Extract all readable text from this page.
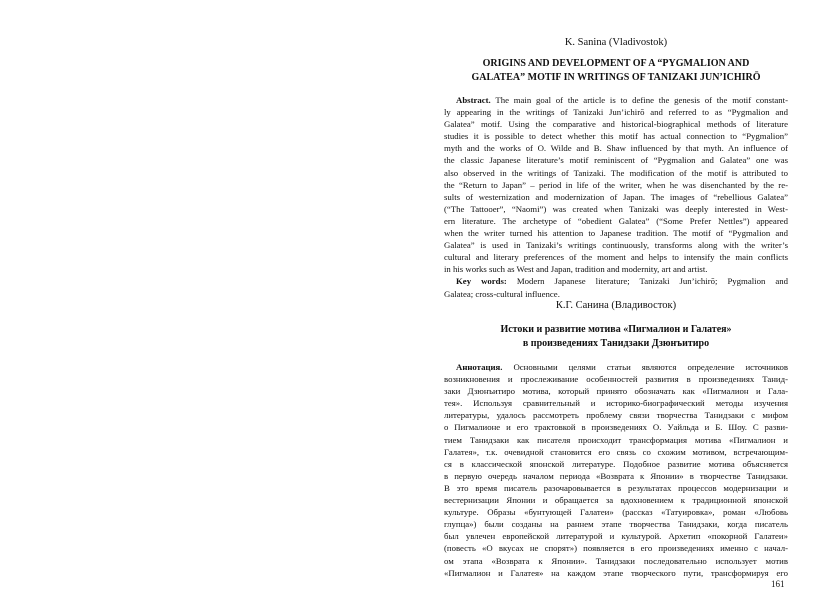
K. Sanina (Vladivostok)
ORIGINS AND DEVELOPMENT OF A “PYGMALION AND
GALATEA” MOTIF IN WRITINGS OF TANIZAKI JUN’ICHIRŌ
Abstract. The main goal of the article is to define the genesis of the motif constant-
ly appearing in the writings of Tanizaki Jun’ichirō and referred to as “Pygmalion and
Galatea” motif. Using the comparative and historical-biographical methods of literature
studies it is possible to detect whether this motif has actual connection to “Pygmalion”
myth and the works of O. Wilde and B. Shaw influenced by that myth. An influence of
the classic Japanese literature’s motif reminiscent of “Pygmalion and Galatea” one was
also observed in the writings of Tanizaki. The modification of the motif is attributed to
the “Return to Japan” – period in life of the writer, when he was disenchanted by the re-
sults of westernization and modernization of Japan. The images of “rebellious Galatea”
(“The Tattooer”, “Naomi”) was created when Tanizaki was deeply interested in West-
ern literature. The archetype of “obedient Galatea” (“Some Prefer Nettles”) appeared
when the writer turned his attention to Japanese tradition. The motif of “Pygmalion and
Galatea” is used in Tanizaki’s writings continuously, transforms along with the writer’s
cultural and literary preferences of the moment and helps to intensify the main conflicts
in his works such as West and Japan, tradition and modernity, art and artist.
Key words: Modern Japanese literature; Tanizaki Jun’ichirō; Pygmalion and
Galatea; cross-cultural influence.
К.Г. Санина (Владивосток)
Истоки и развитие мотива «Пигмалион и Галатея»
в произведениях Танидзаки Дзюнъитиро
Аннотация. Основными целями статьи являются определение источников
возникновения и прослеживание особенностей развития в произведениях Танид-
заки Дзюнъитиро мотива, который принято обозначать как «Пигмалион и Гала-
тея». Используя сравнительный и историко-биографический методы изучения
литературы, удалось рассмотреть проблему связи творчества Танидзаки с мифом
о Пигмалионе и его трактовкой в произведениях О. Уайльда и Б. Шоу. С разви-
тием Танидзаки как писателя происходит трансформация мотива «Пигмалион и
Галатея», т.к. очевидной становится его связь со схожим мотивом, встречающим-
ся в классической японской литературе. Подобное развитие мотива объясняется
в первую очередь началом периода «Возврата к Японии» в творчестве Танидзаки.
В это время писатель разочаровывается в результатах процессов модернизации и
вестернизации Японии и обращается за вдохновением к традиционной японской
культуре. Образы «бунтующей Галатеи» (рассказ «Татуировка», роман «Любовь
глупца») были созданы на раннем этапе творчества Танидзаки, когда писатель
был увлечен европейской литературой и культурой. Архетип «покорной Галатеи»
(повесть «О вкусах не спорят») появляется в его произведениях именно с начал-
ом этапа «Возврата к Японии». Танидзаки последовательно использует мотив
«Пигмалион и Галатея» на каждом этапе творческого пути, трансформируя его
161
